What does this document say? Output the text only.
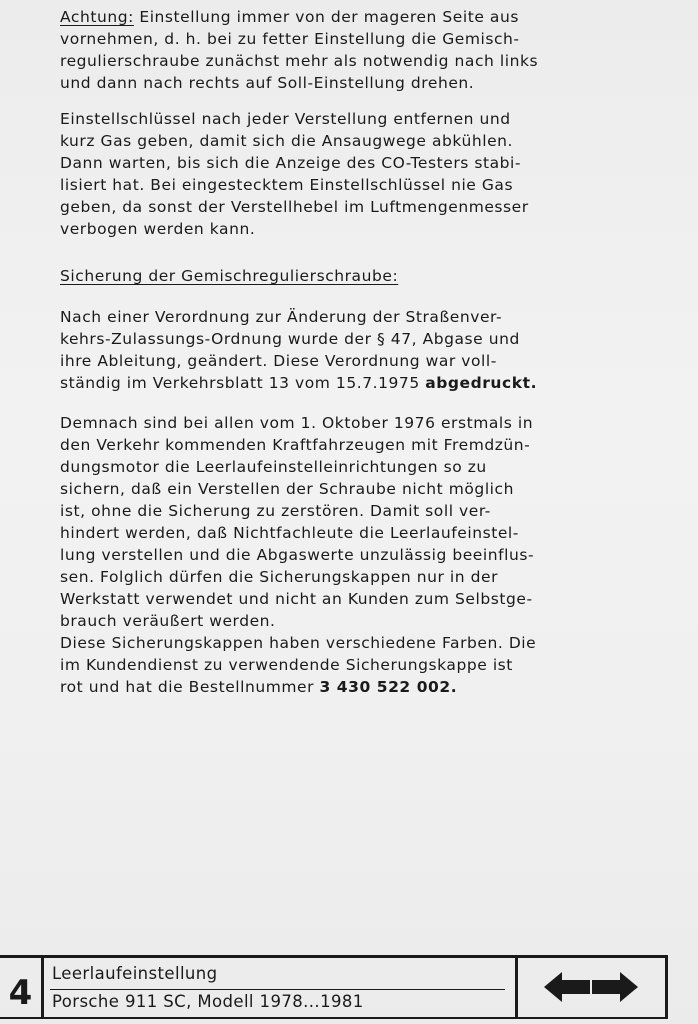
Achtung: Einstellung immer von der mageren Seite aus
vornehmen, d. h. bei zu fetter Einstellung die Gemisch-
regulierschraube zunächst mehr als notwendig nach links
und dann nach rechts auf Soll-Einstellung drehen.
Einstellschlüssel nach jeder Verstellung entfernen und
kurz Gas geben, damit sich die Ansaugwege abkühlen.
Dann warten, bis sich die Anzeige des CO-Testers stabi-
lisiert hat. Bei eingestecktem Einstellschlüssel nie Gas
geben, da sonst der Verstellhebel im Luftmengenmesser
verbogen werden kann.
Sicherung der Gemischregulierschraube:
Nach einer Verordnung zur Änderung der Straßenver-
kehrs-Zulassungs-Ordnung wurde der § 47, Abgase und
ihre Ableitung, geändert. Diese Verordnung war voll-
ständig im Verkehrsblatt 13 vom 15.7.1975 abgedruckt.
Demnach sind bei allen vom 1. Oktober 1976 erstmals in
den Verkehr kommenden Kraftfahrzeugen mit Fremdzün-
dungsmotor die Leerlaufeinstelleinrichtungen so zu
sichern, daß ein Verstellen der Schraube nicht möglich
ist, ohne die Sicherung zu zerstören. Damit soll ver-
hindert werden, daß Nichtfachleute die Leerlaufeinstel-
lung verstellen und die Abgaswerte unzulässig beeinflus-
sen. Folglich dürfen die Sicherungskappen nur in der
Werkstatt verwendet und nicht an Kunden zum Selbstge-
brauch veräußert werden.
Diese Sicherungskappen haben verschiedene Farben. Die
im Kundendienst zu verwendende Sicherungskappe ist
rot und hat die Bestellnummer 3 430 522 002.
4	Leerlaufeinstellung
Porsche 911 SC, Modell 1978...1981
